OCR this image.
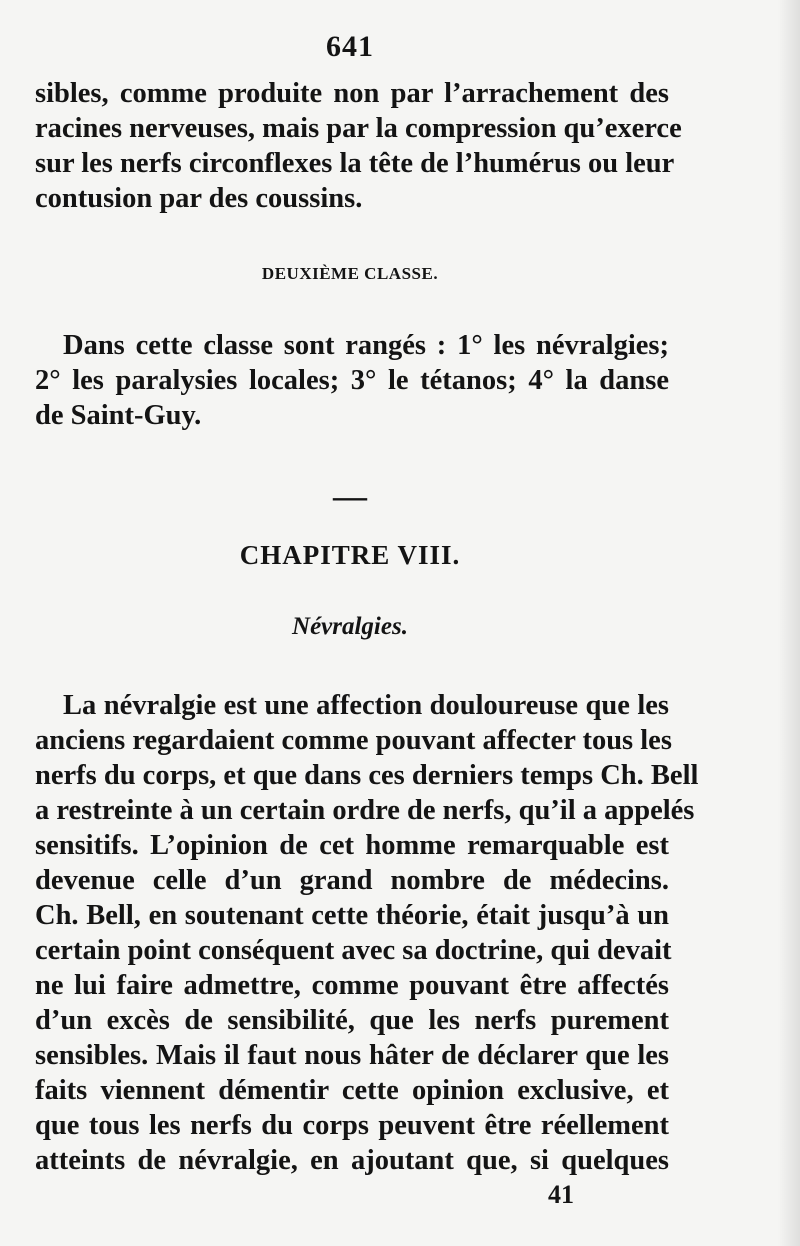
641
sibles, comme produite non par l’arrachement des
racines nerveuses, mais par la compression qu’exerce
sur les nerfs circonflexes la tête de l’humérus ou leur
contusion par des coussins.
DEUXIÈME CLASSE.
Dans cette classe sont rangés : 1° les névralgies;
2° les paralysies locales; 3° le tétanos; 4° la danse
de Saint-Guy.
—
CHAPITRE VIII.
Névralgies.
La névralgie est une affection douloureuse que les
anciens regardaient comme pouvant affecter tous les
nerfs du corps, et que dans ces derniers temps Ch. Bell
a restreinte à un certain ordre de nerfs, qu’il a appelés
sensitifs. L’opinion de cet homme remarquable est
devenue celle d’un grand nombre de médecins.
Ch. Bell, en soutenant cette théorie, était jusqu’à un
certain point conséquent avec sa doctrine, qui devait
ne lui faire admettre, comme pouvant être affectés
d’un excès de sensibilité, que les nerfs purement
sensibles. Mais il faut nous hâter de déclarer que les
faits viennent démentir cette opinion exclusive, et
que tous les nerfs du corps peuvent être réellement
atteints de névralgie, en ajoutant que, si quelques
41
